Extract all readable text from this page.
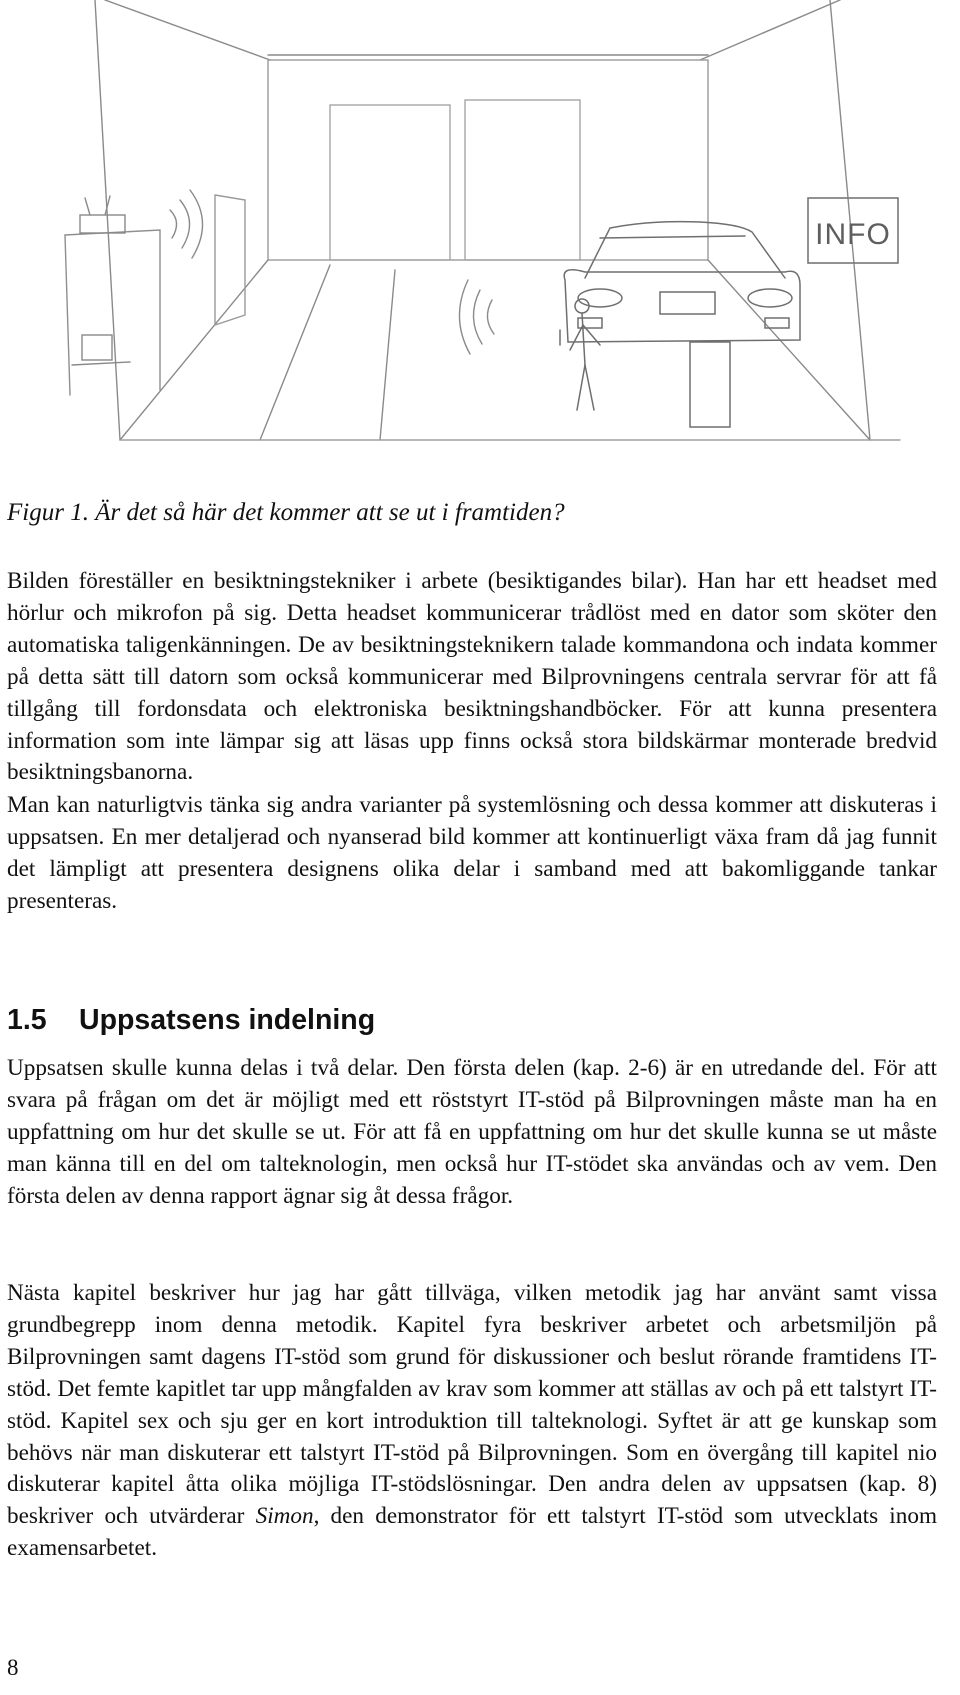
INFO

Figur 1. Är det så här det kommer att se ut i framtiden?

Bilden föreställer en besiktningstekniker i arbete (besiktigandes bilar). Han har ett headset med hörlur och mikrofon på sig. Detta headset kommunicerar trådlöst med en dator som sköter den automatiska taligenkänningen. De av besiktningsteknikern talade kommandona och indata kommer på detta sätt till datorn som också kommunicerar med Bilprovningens centrala servrar för att få tillgång till fordonsdata och elektroniska besiktningshandböcker. För att kunna presentera information som inte lämpar sig att läsas upp finns också stora bildskärmar monterade bredvid besiktningsbanorna.

Man kan naturligtvis tänka sig andra varianter på systemlösning och dessa kommer att diskuteras i uppsatsen. En mer detaljerad och nyanserad bild kommer att kontinuerligt växa fram då jag funnit det lämpligt att presentera designens olika delar i samband med att bakomliggande tankar presenteras.

1.5 Uppsatsens indelning

Uppsatsen skulle kunna delas i två delar. Den första delen (kap. 2-6) är en utredande del. För att svara på frågan om det är möjligt med ett röststyrt IT-stöd på Bilprovningen måste man ha en uppfattning om hur det skulle se ut. För att få en uppfattning om hur det skulle kunna se ut måste man känna till en del om talteknologin, men också hur IT-stödet ska användas och av vem. Den första delen av denna rapport ägnar sig åt dessa frågor.

Nästa kapitel beskriver hur jag har gått tillväga, vilken metodik jag har använt samt vissa grundbegrepp inom denna metodik. Kapitel fyra beskriver arbetet och arbetsmiljön på Bilprovningen samt dagens IT-stöd som grund för diskussioner och beslut rörande framtidens IT-stöd. Det femte kapitlet tar upp mångfalden av krav som kommer att ställas av och på ett talstyrt IT-stöd. Kapitel sex och sju ger en kort introduktion till talteknologi. Syftet är att ge kunskap som behövs när man diskuterar ett talstyrt IT-stöd på Bilprovningen. Som en övergång till kapitel nio diskuterar kapitel åtta olika möjliga IT-stödslösningar. Den andra delen av uppsatsen (kap. 8) beskriver och utvärderar Simon, den demonstrator för ett talstyrt IT-stöd som utvecklats inom examensarbetet.

8
